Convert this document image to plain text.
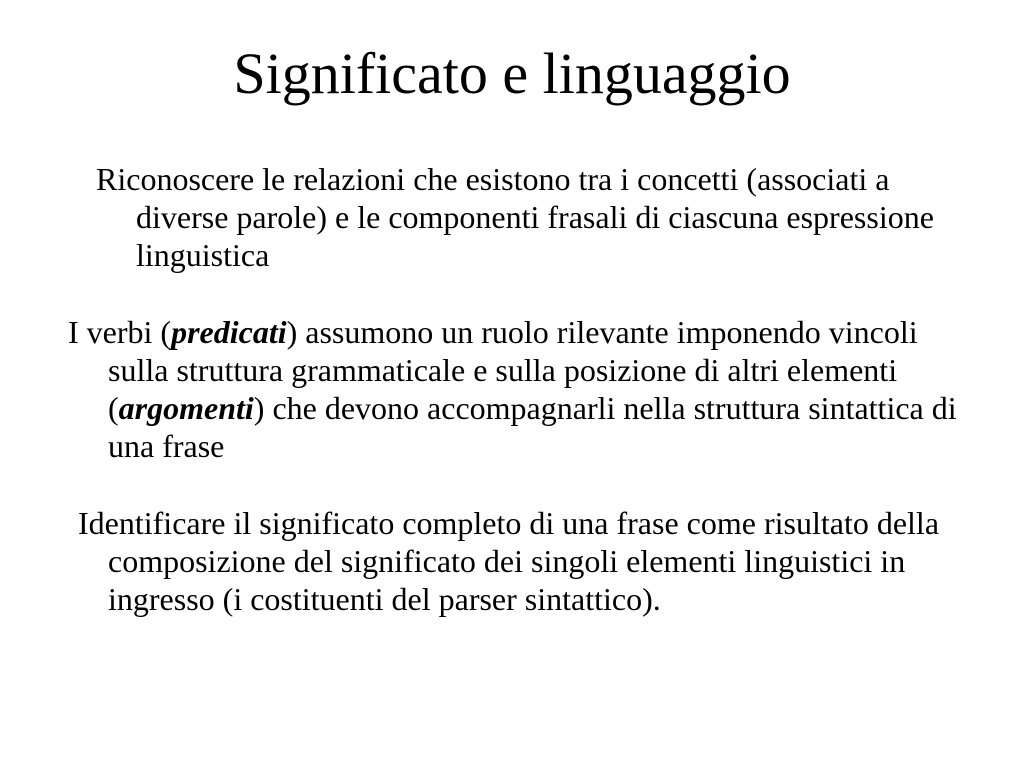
Significato e linguaggio

Riconoscere le relazioni che esistono tra i concetti (associati a diverse parole) e le componenti frasali di ciascuna espressione linguistica

I verbi (predicati) assumono un ruolo rilevante imponendo vincoli sulla struttura grammaticale e sulla posizione di altri elementi (argomenti) che devono accompagnarli nella struttura sintattica di una frase

Identificare il significato completo di una frase come risultato della composizione del significato dei singoli elementi linguistici in ingresso (i costituenti del parser sintattico).
